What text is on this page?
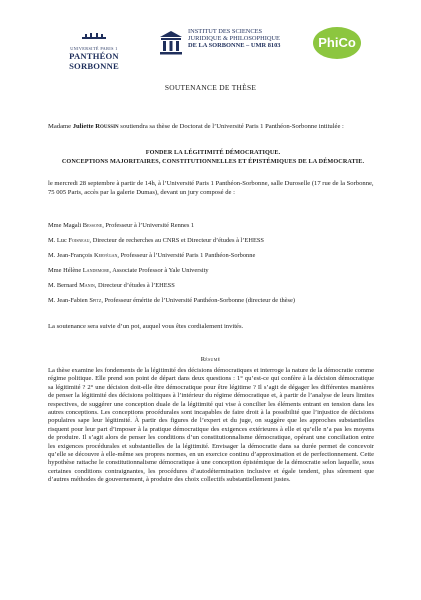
UNIVERSITÉ PARIS 1
PANTHÉON SORBONNE
INSTITUT DES SCIENCES
JURIDIQUE & PHILOSOPHIQUE
DE LA SORBONNE – UMR 8103	PhiCo
SOUTENANCE DE THÈSE
Madame Juliette Roussin soutiendra sa thèse de Doctorat de l’Université Paris 1 Panthéon-Sorbonne intitulée :
FONDER LA LÉGITIMITÉ DÉMOCRATIQUE.
CONCEPTIONS MAJORITAIRES, CONSTITUTIONNELLES ET ÉPISTÉMIQUES DE LA DÉMOCRATIE.
le mercredi 28 septembre à partir de 14h, à l’Université Paris 1 Panthéon-Sorbonne, salle Duroselle (17 rue de la Sorbonne, 75 005 Paris, accès par la galerie Dumas), devant un jury composé de :
Mme Magali Bessone, Professeur à l’Université Rennes 1
M. Luc Foisneau, Directeur de recherches au CNRS et Directeur d’études à l’EHESS
M. Jean-François Kervégan, Professeur à l’Université Paris 1 Panthéon-Sorbonne
Mme Hélène Landemore, Associate Professor à Yale University
M. Bernard Manin, Directeur d’études à l’EHESS
M. Jean-Fabien Spitz, Professeur émérite de l’Université Panthéon-Sorbonne (directeur de thèse)
La soutenance sera suivie d’un pot, auquel vous êtes cordialement invités.
Résumé

La thèse examine les fondements de la légitimité des décisions démocratiques et interroge la nature de la démocratie comme régime politique. Elle prend son point de départ dans deux questions : 1° qu’est-ce qui confère à la décision démocratique sa légitimité ? 2° une décision doit-elle être démocratique pour être légitime ? Il s’agit de dégager les différentes manières de penser la légitimité des décisions politiques à l’intérieur du régime démocratique et, à partir de l’analyse de leurs limites respectives, de suggérer une conception duale de la légitimité qui vise à concilier les éléments entrant en tension dans les autres conceptions. Les conceptions procédurales sont incapables de faire droit à la possibilité que l’injustice de décisions populaires sape leur légitimité. À partir des figures de l’expert et du juge, on suggère que les approches substantielles risquent pour leur part d’imposer à la pratique démocratique des exigences extérieures à elle et qu’elle n’a pas les moyens de produire. Il s’agit alors de penser les conditions d’un constitutionnalisme démocratique, opérant une conciliation entre les exigences procédurales et substantielles de la légitimité. Envisager la démocratie dans sa durée permet de concevoir qu’elle se découvre à elle-même ses propres normes, en un exercice continu d’approximation et de perfectionnement. Cette hypothèse rattache le constitutionnalisme démocratique à une conception épistémique de la démocratie selon laquelle, sous certaines conditions contraignantes, les procédures d’autodétermination inclusive et égale tendent, plus sûrement que d’autres méthodes de gouvernement, à produire des choix collectifs substantiellement justes.
